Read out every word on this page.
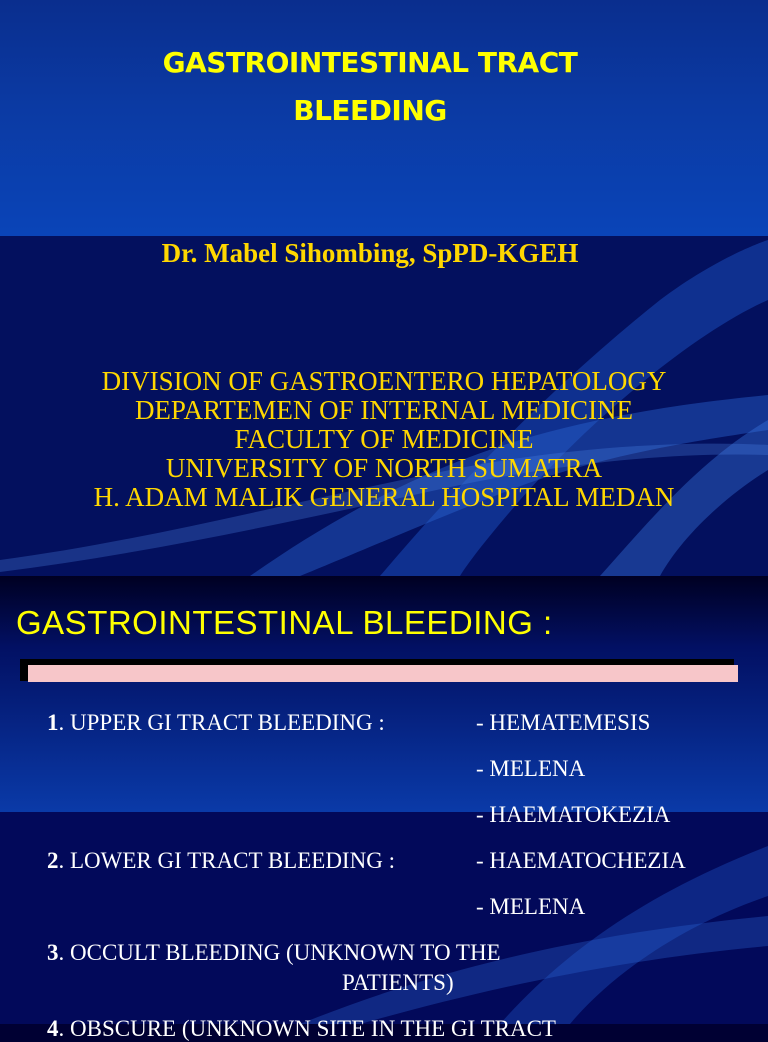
GASTROINTESTINAL TRACT
BLEEDING
Dr. Mabel Sihombing, SpPD-KGEH
DIVISION OF GASTROENTERO HEPATOLOGY
DEPARTEMEN OF INTERNAL MEDICINE
FACULTY OF MEDICINE
UNIVERSITY OF NORTH SUMATRA
H. ADAM MALIK GENERAL HOSPITAL MEDAN
GASTROINTESTINAL BLEEDING :
1. UPPER GI TRACT BLEEDING :	- HEMATEMESIS
- MELENA
- HAEMATOKEZIA
2. LOWER GI TRACT BLEEDING :	- HAEMATOCHEZIA
- MELENA
3. OCCULT BLEEDING (UNKNOWN TO THE
PATIENTS)
4. OBSCURE (UNKNOWN SITE IN THE GI TRACT
